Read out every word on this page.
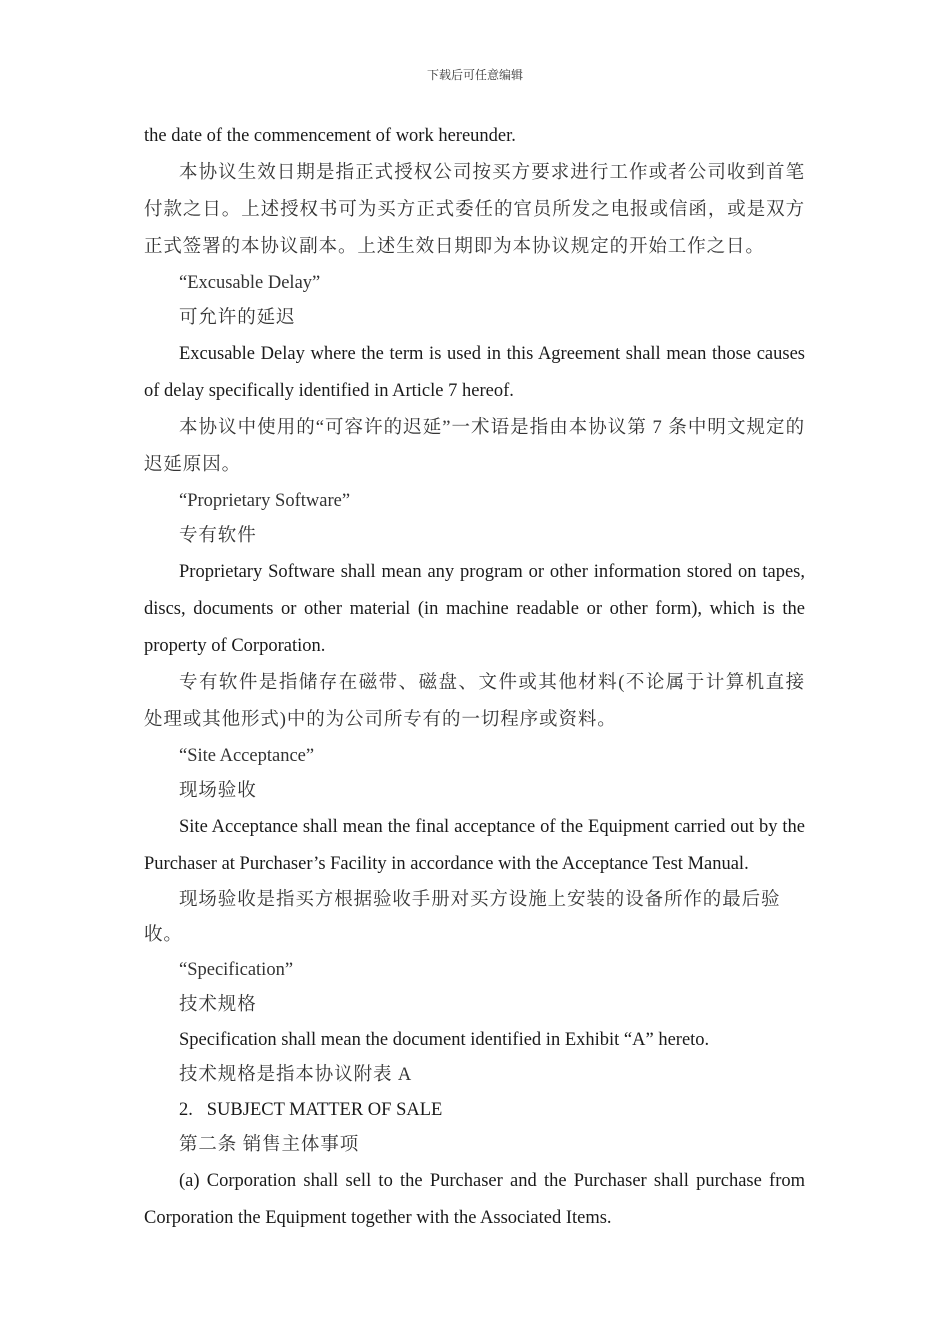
下载后可任意编辑

the date of the commencement of work hereunder.

本协议生效日期是指正式授权公司按买方要求进行工作或者公司收到首笔付款之日。上述授权书可为买方正式委任的官员所发之电报或信函，或是双方正式签署的本协议副本。上述生效日期即为本协议规定的开始工作之日。

“Excusable Delay”

可允许的延迟

Excusable Delay where the term is used in this Agreement shall mean those causes of delay specifically identified in Article 7 hereof.

本协议中使用的“可容许的迟延”一术语是指由本协议第 7 条中明文规定的迟延原因。

“Proprietary Software”

专有软件

Proprietary Software shall mean any program or other information stored on tapes, discs, documents or other material (in machine readable or other form), which is the property of Corporation.

专有软件是指储存在磁带、磁盘、文件或其他材料(不论属于计算机直接处理或其他形式)中的为公司所专有的一切程序或资料。

“Site Acceptance”

现场验收

Site Acceptance shall mean the final acceptance of the Equipment carried out by the Purchaser at Purchaser’s Facility in accordance with the Acceptance Test Manual.

现场验收是指买方根据验收手册对买方设施上安装的设备所作的最后验收。

“Specification”

技术规格

Specification shall mean the document identified in Exhibit “A” hereto.

技术规格是指本协议附表 A

2.   SUBJECT MATTER OF SALE

第二条 销售主体事项

(a) Corporation shall sell to the Purchaser and the Purchaser shall purchase from Corporation the Equipment together with the Associated Items.
